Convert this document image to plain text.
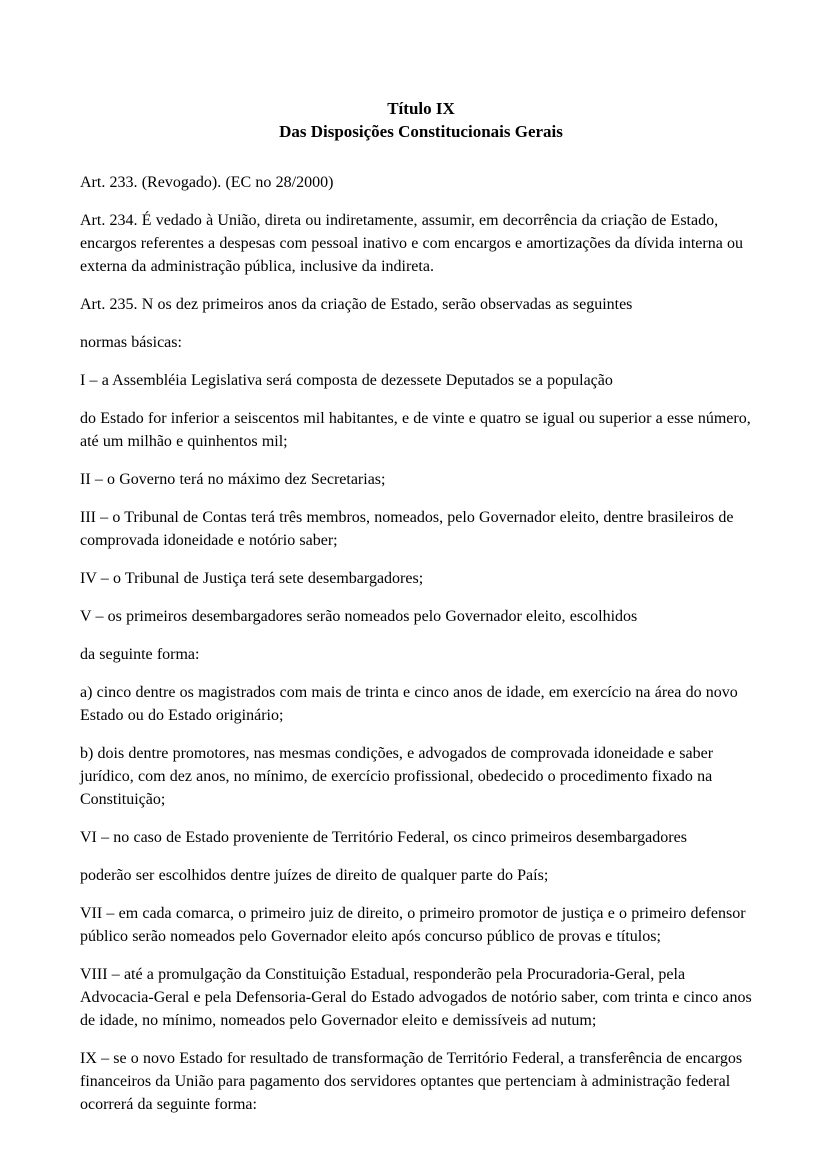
Título IX
Das Disposições Constitucionais Gerais

Art. 233. (Revogado). (EC no 28/2000)

Art. 234. É vedado à União, direta ou indiretamente, assumir, em decorrência da criação de Estado, encargos referentes a despesas com pessoal inativo e com encargos e amortizações da dívida interna ou externa da administração pública, inclusive da indireta.

Art. 235. N os dez primeiros anos da criação de Estado, serão observadas as seguintes

normas básicas:

I – a Assembléia Legislativa será composta de dezessete Deputados se a população

do Estado for inferior a seiscentos mil habitantes, e de vinte e quatro se igual ou superior a esse número, até um milhão e quinhentos mil;

II – o Governo terá no máximo dez Secretarias;

III – o Tribunal de Contas terá três membros, nomeados, pelo Governador eleito, dentre brasileiros de comprovada idoneidade e notório saber;

IV – o Tribunal de Justiça terá sete desembargadores;

V – os primeiros desembargadores serão nomeados pelo Governador eleito, escolhidos

da seguinte forma:

a) cinco dentre os magistrados com mais de trinta e cinco anos de idade, em exercício na área do novo Estado ou do Estado originário;

b) dois dentre promotores, nas mesmas condições, e advogados de comprovada idoneidade e saber jurídico, com dez anos, no mínimo, de exercício profissional, obedecido o procedimento fixado na Constituição;

VI – no caso de Estado proveniente de Território Federal, os cinco primeiros desembargadores

poderão ser escolhidos dentre juízes de direito de qualquer parte do País;

VII – em cada comarca, o primeiro juiz de direito, o primeiro promotor de justiça e o primeiro defensor público serão nomeados pelo Governador eleito após concurso público de provas e títulos;

VIII – até a promulgação da Constituição Estadual, responderão pela Procuradoria-Geral, pela Advocacia-Geral e pela Defensoria-Geral do Estado advogados de notório saber, com trinta e cinco anos de idade, no mínimo, nomeados pelo Governador eleito e demissíveis ad nutum;

IX – se o novo Estado for resultado de transformação de Território Federal, a transferência de encargos financeiros da União para pagamento dos servidores optantes que pertenciam à administração federal ocorrerá da seguinte forma:
